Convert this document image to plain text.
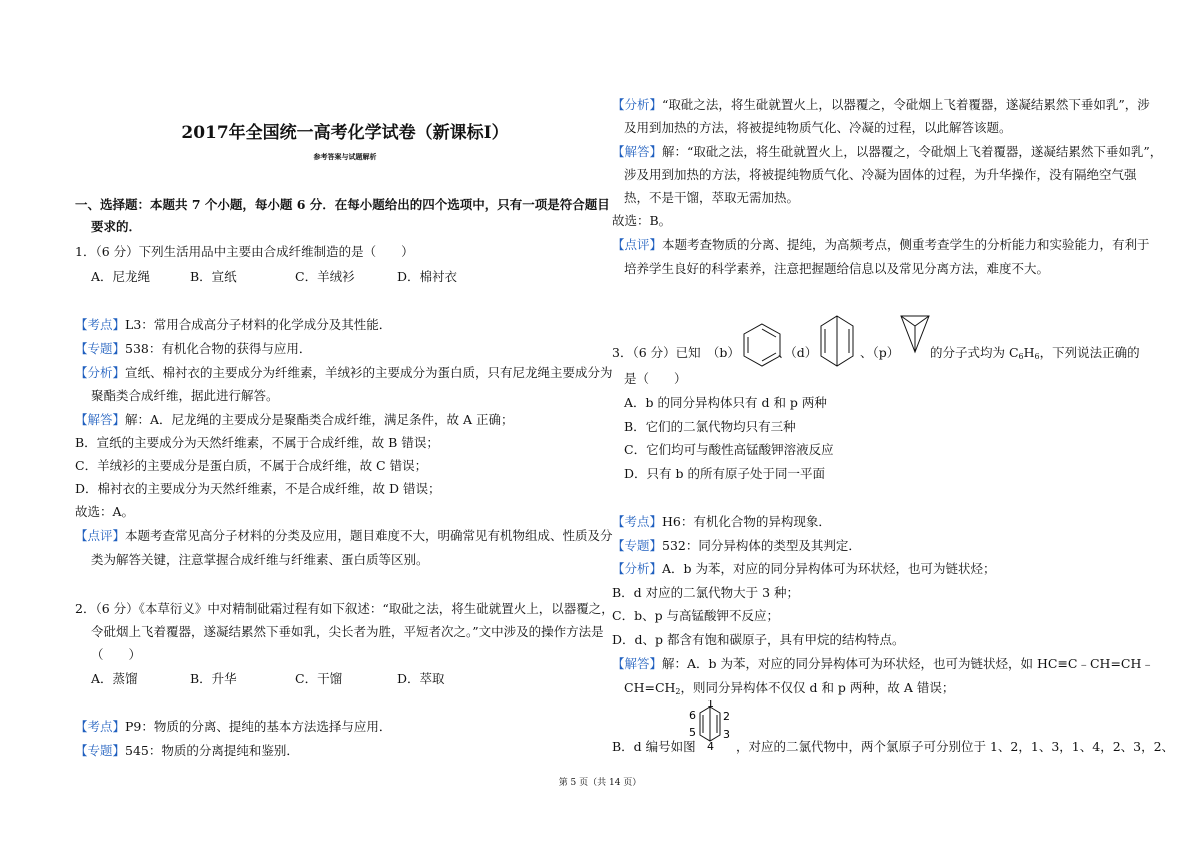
2017年全国统一高考化学试卷（新课标Ⅰ）
参考答案与试题解析
一、选择题：本题共 7 个小题，每小题 6 分．在每小题给出的四个选项中，只有一项是符合题目
要求的．
1．（6 分）下列生活用品中主要由合成纤维制造的是（　　）
A．尼龙绳	B．宣纸	C．羊绒衫	D．棉衬衣
【考点】L3：常用合成高分子材料的化学成分及其性能．
【专题】538：有机化合物的获得与应用．
【分析】宣纸、棉衬衣的主要成分为纤维素，羊绒衫的主要成分为蛋白质，只有尼龙绳主要成分为
聚酯类合成纤维，据此进行解答。
【解答】解：A．尼龙绳的主要成分是聚酯类合成纤维，满足条件，故 A 正确；
B．宣纸的主要成分为天然纤维素，不属于合成纤维，故 B 错误；
C．羊绒衫的主要成分是蛋白质，不属于合成纤维，故 C 错误；
D．棉衬衣的主要成分为天然纤维素，不是合成纤维，故 D 错误；
故选：A。
【点评】本题考查常见高分子材料的分类及应用，题目难度不大，明确常见有机物组成、性质及分
类为解答关键，注意掌握合成纤维与纤维素、蛋白质等区别。
2．（6 分）《本草衍义》中对精制砒霜过程有如下叙述：“取砒之法，将生砒就置火上，以器覆之，
令砒烟上飞着覆器，遂凝结累然下垂如乳，尖长者为胜，平短者次之。”文中涉及的操作方法是
（　　）
A．蒸馏	B．升华	C．干馏	D．萃取
【考点】P9：物质的分离、提纯的基本方法选择与应用．
【专题】545：物质的分离提纯和鉴别．
【分析】“取砒之法，将生砒就置火上，以器覆之，令砒烟上飞着覆器，遂凝结累然下垂如乳”，涉
及用到加热的方法，将被提纯物质气化、冷凝的过程，以此解答该题。
【解答】解：“取砒之法，将生砒就置火上，以器覆之，令砒烟上飞着覆器，遂凝结累然下垂如乳”，
涉及用到加热的方法，将被提纯物质气化、冷凝为固体的过程，为升华操作，没有隔绝空气强
热，不是干馏，萃取无需加热。
故选：B。
【点评】本题考查物质的分离、提纯，为高频考点，侧重考查学生的分析能力和实验能力，有利于
培养学生良好的科学素养，注意把握题给信息以及常见分离方法，难度不大。
3．（6 分）已知　（b）	、（d）	、（p） 的分子式均为 $C_6H_6$，下列说法正确的
是（　　）
A．b 的同分异构体只有 d 和 p 两种
B．它们的二氯代物均只有三种
C．它们均可与酸性高锰酸钾溶液反应
D．只有 b 的所有原子处于同一平面
【考点】H6：有机化合物的异构现象．
【专题】532：同分异构体的类型及其判定．
【分析】A．b 为苯，对应的同分异构体可为环状烃，也可为链状烃；
B．d 对应的二氯代物大于 3 种；
C．b、p 与高锰酸钾不反应；
D．d、p 都含有饱和碳原子，具有甲烷的结构特点。
【解答】解：A．b 为苯，对应的同分异构体可为环状烃，也可为链状烃，如 HC≡C﹣CH=CH﹣
$CH=CH_2$，则同分异构体不仅仅 d 和 p 两种，故 A 错误；
1
2
3
4
5
6
B．d 编号如图	，对应的二氯代物中，两个氯原子可分别位于 1、2，1、3，1、4，2、3，2、
第 5 页（共 14 页）
